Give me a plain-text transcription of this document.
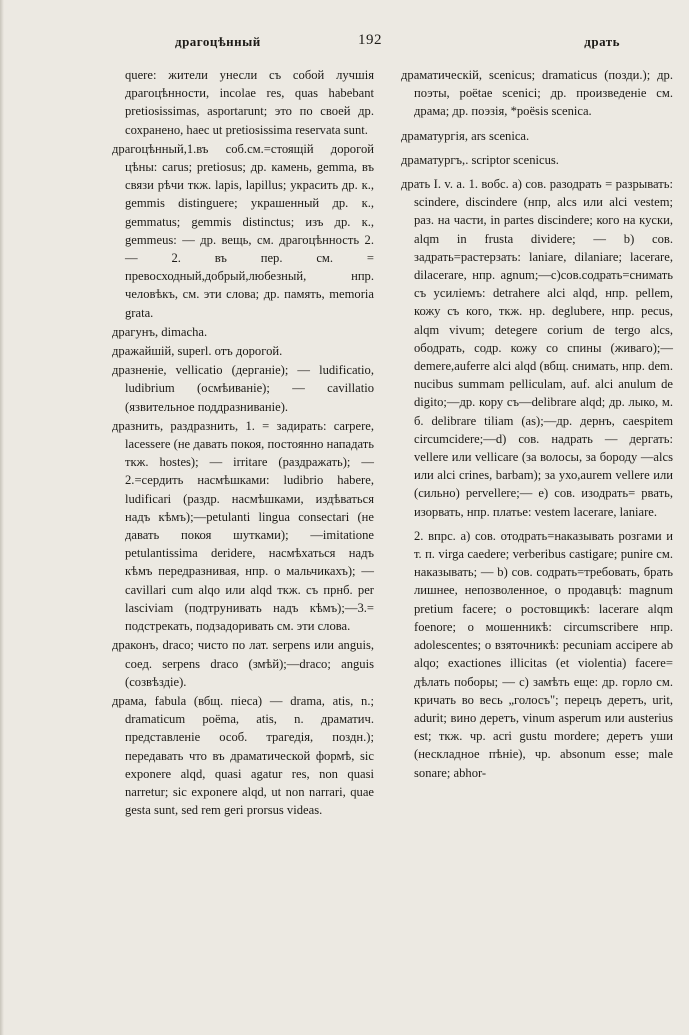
драгоцѣнный	192	драть

quere: жители унесли съ собой лучшія драгоцѣнности, incolae res, quas habebant pretiosissimas, asportarunt; это по своей др. сохранено, haec ut pretiosissima reservata sunt.

драгоцѣнный,1.въ соб.см.=стоящій дорогой цѣны: carus; pretiosus; др. камень, gemma, въ связи рѣчи ткж. lapis, lapillus; украсить др. к., gemmis distinguere; украшенный др. к., gemmatus; gemmis distinctus; изъ др. к., gemmeus: — др. вещь, см. драгоцѣнность 2. — 2. въ пер. см. = превосходный,добрый,любезный, нпр. человѣкъ, см. эти слова; др. память, memoria grata.

драгунъ, dimacha.

дражайшій, superl. отъ дорогой.

дразненіе, vellicatio (дерганіе); — ludificatio, ludibrium (осмѣиваніе); — cavillatio (язвительное поддразниваніе).

дразнить, раздразнить, 1. = задирать: carpere, lacessere (не давать покоя, постоянно нападать ткж. hostes); — irritare (раздражать); — 2.=сердить насмѣшками: ludibrio habere, ludificari (раздр. насмѣшками, издѣваться надъ кѣмъ);—petulanti lingua consectari (не давать покоя шутками); —imitatione petulantissima deridere, насмѣхаться надъ кѣмъ передразнивая, нпр. о мальчикахъ); — cavillari cum alqo или alqd ткж. съ прнб. per lasciviam (подтрунивать надъ кѣмъ);—3.= подстрекать, подзадоривать см. эти слова.

драконъ, draco; чисто по лат. serpens или anguis, соед. serpens draco (змѣй);—draco; anguis (созвѣздіе).

драма, fabula (вбщ. пieca) — drama, atis, n.; dramaticum poëma, atis, n. драматич. представленіе особ. трагедія, поздн.); передавать что въ драматической формѣ, sic exponere alqd, quasi agatur res, non quasi narretur; sic exponere alqd, ut non narrari, quae gesta sunt, sed rem geri prorsus videas.

драматическій, scenicus; dramaticus (позди.); др. поэты, poëtae scenici; др. произведеніе см. драма; др. поэзія, *poësis scenica.

драматургія, ars scenica.

драматургъ,. scriptor scenicus.

драть I. v. a. 1. вобс. a) сов. разодрать = разрывать: scindere, discindere (нпр, alcs или alci vestem; раз. на части, in partes discindere; кого на куски, alqm in frusta dividere; — b) сов. задрать=растерзать: laniare, dilaniare; lacerare, dilacerare, нпр. agnum;—c)сов.содрать=снимать съ усиліемъ: detrahere alci alqd, нпр. pellem, кожу съ кого, ткж. нр. deglubere, нпр. pecus, alqm vivum; detegere corium de tergo alcs, ободрать, содр. кожу со спины (живаго);—demere,auferre alci alqd (вбщ. снимать, нпр. dem. nucibus summam pelliculam, auf. alci anulum de digito;—др. кору съ—delibrare alqd; др. лыко, м. б. delibrare tiliam (as);—др. дернъ, caespitem circumcidere;—d) сов. надрать — дергать: vellere или vellicare (за волосы, за бороду —alcs или alci crines, barbam); за ухо,aurem vellere или (сильно) pervellere;— e) сов. изодрать= рвать, изорвать, нпр. платье: vestem lacerare, laniare.

2. впрс. a) сов. отодрать=наказывать розгами и т. п. virga caedere; verberibus castigare; punire см. наказывать; — b) сов. содрать=требовать, брать лишнее, непозволенное, о продавцѣ: magnum pretium facere; о ростовщикѣ: lacerare alqm foenore; о мошенникѣ: circumscribere нпр. adolescentes; о взяточникѣ: pecuniam accipere ab alqo; exactiones illicitas (et violentia) facere= дѣлать поборы; — c) замѣть еще: др. горло см. кричать во весь „голосъ"; перецъ деретъ, urit, adurit; вино деретъ, vinum asperum или austerius est; ткж. чр. acri gustu mordere; деретъ уши (нескладное пѣніе), чр. absonum esse; male sonare; abhor-
